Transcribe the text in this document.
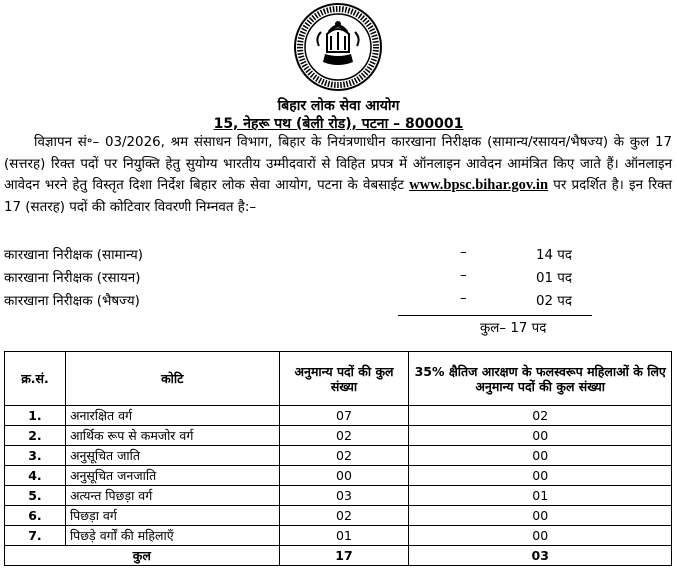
बिहार लोक सेवा आयोग
15, नेहरू पथ (बेली रोड), पटना – 800001
विज्ञापन सं॰– 03/2026, श्रम संसाधन विभाग, बिहार के नियंत्रणाधीन कारखाना निरीक्षक (सामान्य/रसायन/भैषज्य) के कुल 17 (सत्तरह) रिक्त पदों पर नियुक्ति हेतु सुयोग्य भारतीय उम्मीदवारों से विहित प्रपत्र में ऑनलाइन आवेदन आमंत्रित किए जाते हैं। ऑनलाइन आवेदन भरने हेतु विस्तृत दिशा निर्देश बिहार लोक सेवा आयोग, पटना के वेबसाईट www.bpsc.bihar.gov.in पर प्रदर्शित है। इन रिक्त 17 (सतरह) पदों की कोटिवार विवरणी निम्नवत है:–
कारखाना निरीक्षक (सामान्य)	–	14 पद
कारखाना निरीक्षक (रसायन)	–	01 पद
कारखाना निरीक्षक (भैषज्य)	–	02 पद
कुल– 17 पद
क्र.सं.	कोटि	अनुमान्य पदों की कुल संख्या	35% क्षैतिज आरक्षण के फलस्वरूप महिलाओं के लिए अनुमान्य पदों की कुल संख्या
1.	अनारक्षित वर्ग	07	02
2.	आर्थिक रूप से कमजोर वर्ग	02	00
3.	अनुसूचित जाति	02	00
4.	अनुसूचित जनजाति	00	00
5.	अत्यन्त पिछड़ा वर्ग	03	01
6.	पिछड़ा वर्ग	02	00
7.	पिछड़े वर्गों की महिलाएँ	01	00
कुल		17	03
